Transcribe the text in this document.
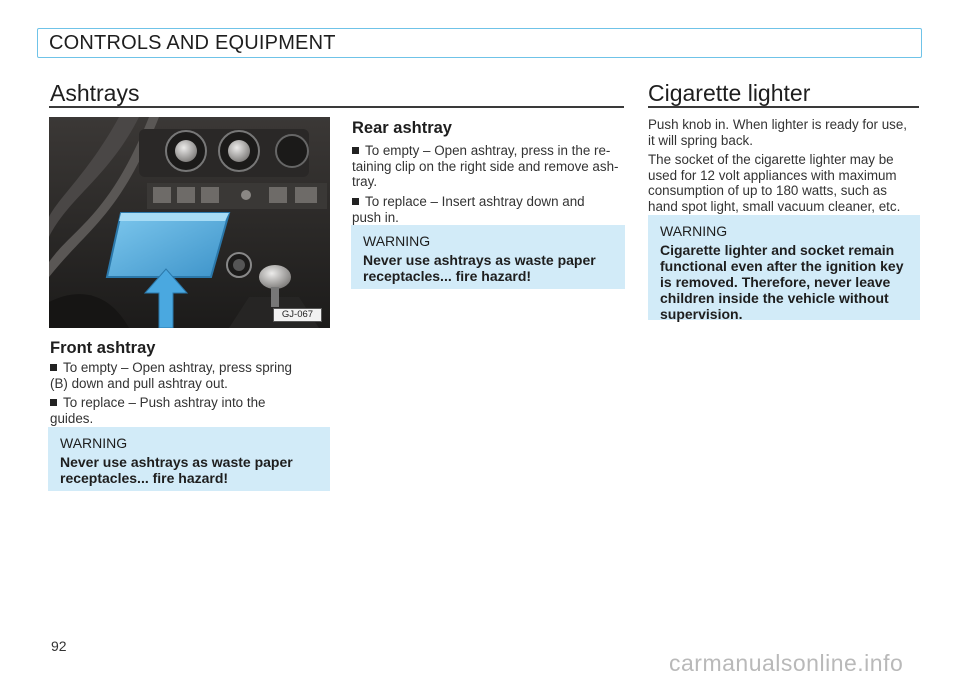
CONTROLS AND EQUIPMENT
Ashtrays
GJ-067
Front ashtray
To empty – Open ashtray, press spring
(B) down and pull ashtray out.
To replace – Push ashtray into the
guides.
WARNING
Never use ashtrays as waste paper
receptacles... fire hazard!
Rear ashtray
To empty – Open ashtray, press in the re-
taining clip on the right side and remove ash-
tray.
To replace – Insert ashtray down and
push in.
WARNING
Never use ashtrays as waste paper
receptacles... fire hazard!
Cigarette lighter
Push knob in. When lighter is ready for use,
it will spring back.
The socket of the cigarette lighter may be
used for 12 volt appliances with maximum
consumption of up to 180 watts, such as
hand spot light, small vacuum cleaner, etc.
WARNING
Cigarette lighter and socket remain
functional even after the ignition key
is removed. Therefore, never leave
children inside the vehicle without
supervision.
92
carmanualsonline.info
